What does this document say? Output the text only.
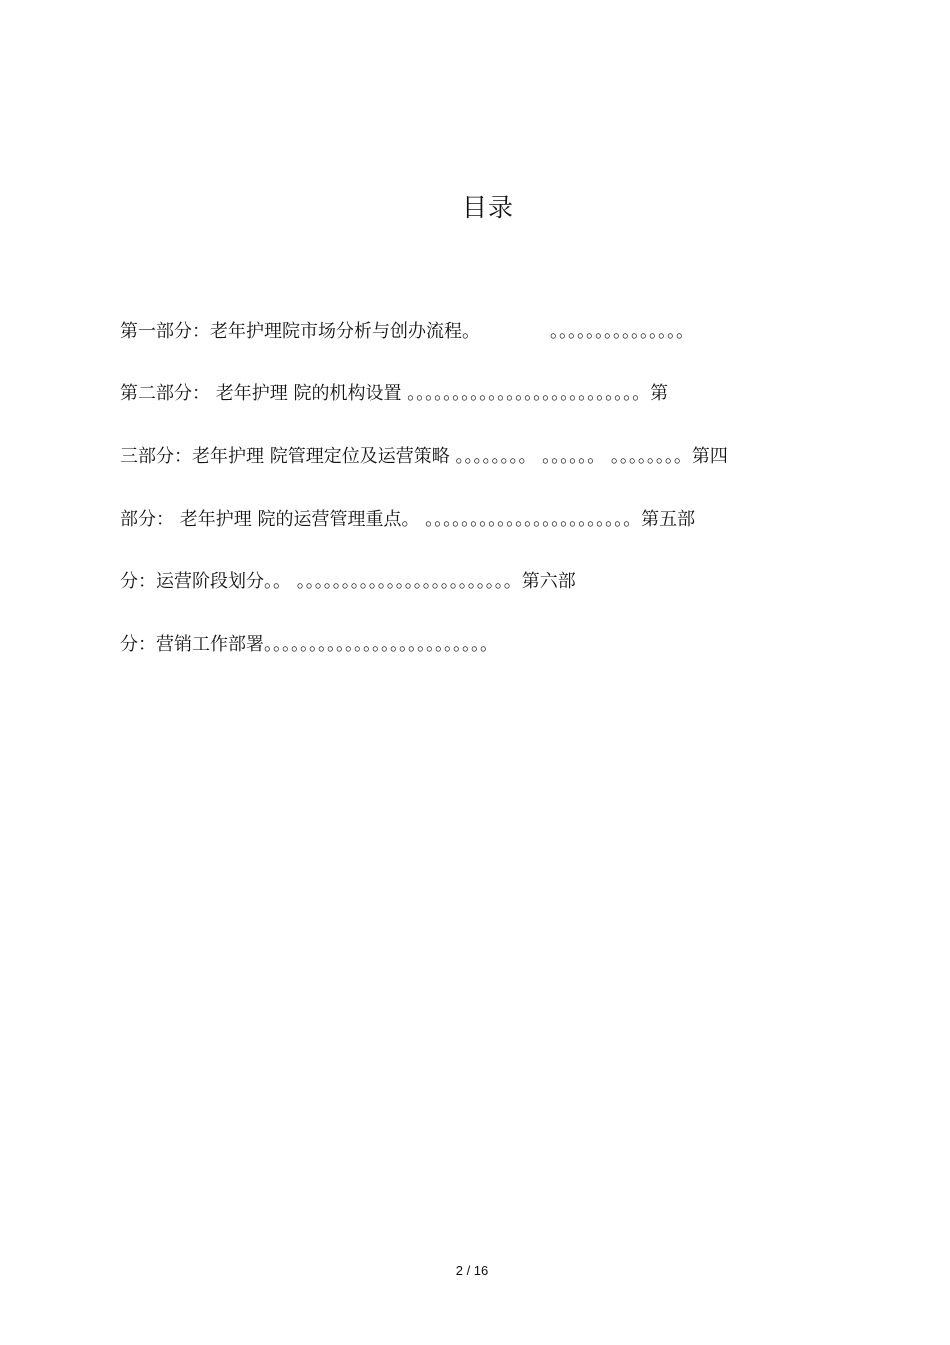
目录
第一部分：老年护理院市场分析与创办流程。	。。。。。。。。。。。。。。。
第二部分： 老年护理 院的机构设置 。。。。。。。。。。。。。。。。。。。。。。。。。。第
三部分：老年护理 院管理定位及运营策略 。。。。。。。。 。。。。。。 。。。。。。。。第四
部分： 老年护理 院的运营管理重点。 。。。。。。。。。。。。。。。。。。。。。。。第五部
分：运营阶段划分。。 。。。。。。。。。。。。。。。。。。。。。。。。第六部
分：营销工作部署。。。。。。。。。。。。。。。。。。。。。。。。。
2 / 16
